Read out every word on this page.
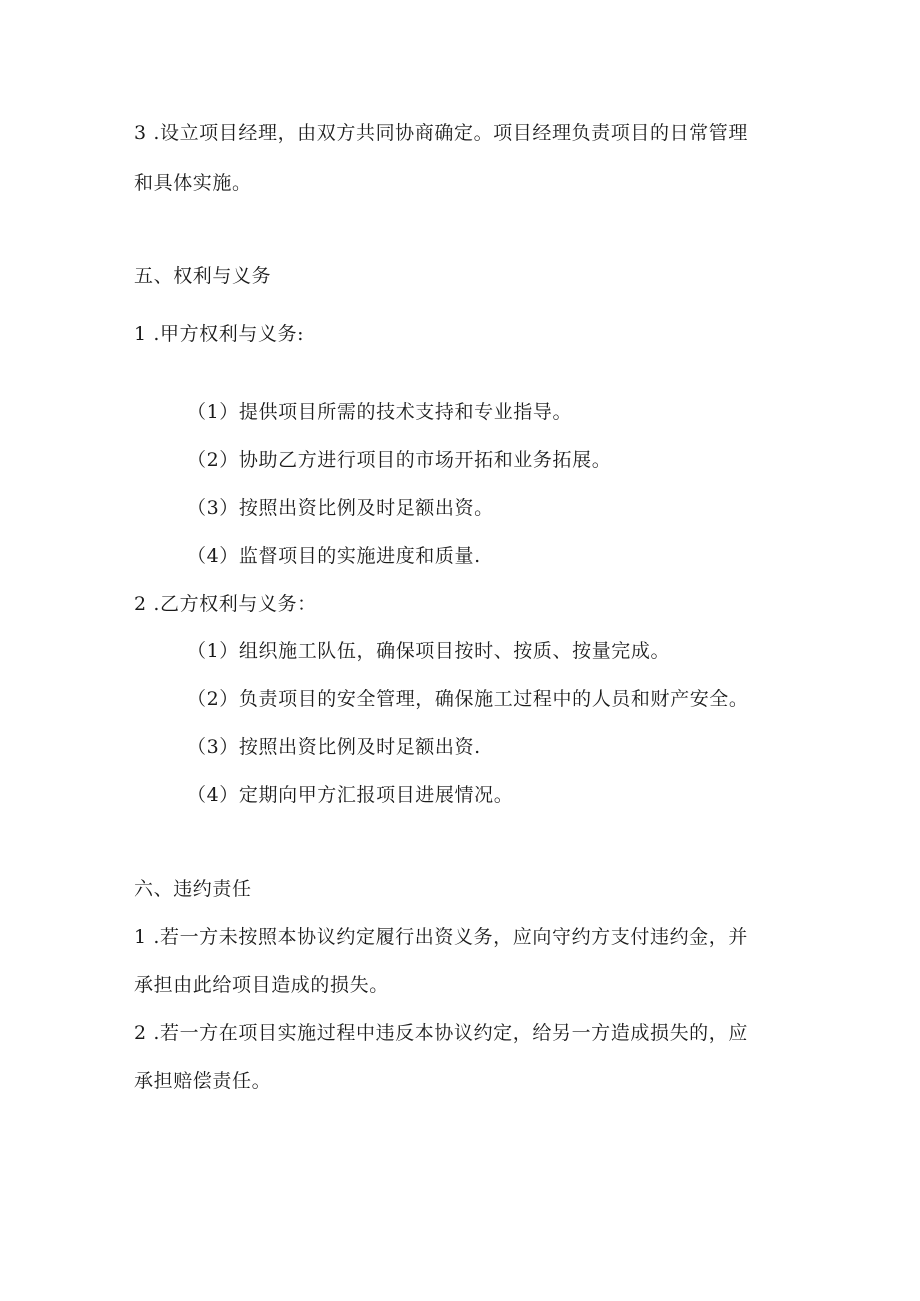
3 .设立项目经理，由双方共同协商确定。项目经理负责项目的日常管理
和具体实施。
五、权利与义务
1 .甲方权利与义务:
（1）提供项目所需的技术支持和专业指导。
（2）协助乙方进行项目的市场开拓和业务拓展。
（3）按照出资比例及时足额出资。
（4）监督项目的实施进度和质量.
2 .乙方权利与义务：
（1）组织施工队伍，确保项目按时、按质、按量完成。
（2）负责项目的安全管理，确保施工过程中的人员和财产安全。
（3）按照出资比例及时足额出资.
（4）定期向甲方汇报项目进展情况。
六、违约责任
1 .若一方未按照本协议约定履行出资义务，应向守约方支付违约金，并
承担由此给项目造成的损失。
2 .若一方在项目实施过程中违反本协议约定，给另一方造成损失的，应
承担赔偿责任。
